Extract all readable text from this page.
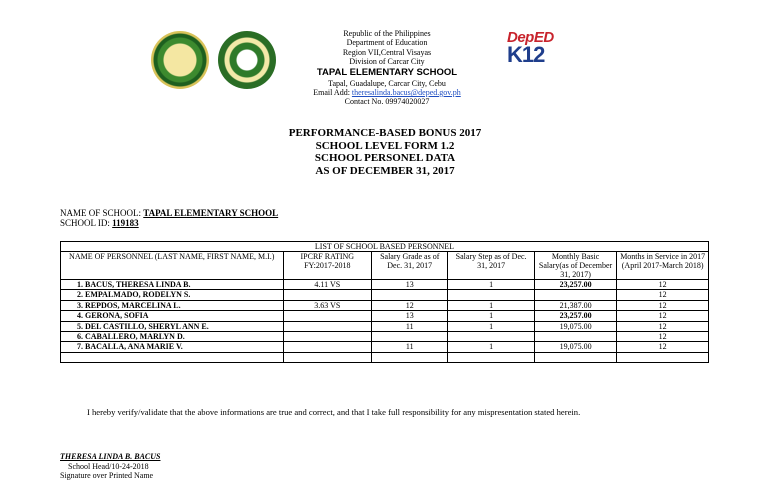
Republic of the Philippines
Department of Education
Region VII,Central Visayas
Division of Carcar City
TAPAL ELEMENTARY SCHOOL
Tapal, Guadalupe, Carcar City, Cebu
Email Add: theresalinda.bacus@deped.gov.ph
Contact No. 09974020027
DepED
K12
PERFORMANCE-BASED BONUS 2017
SCHOOL LEVEL FORM 1.2
SCHOOL PERSONEL DATA
AS OF DECEMBER 31, 2017
NAME OF SCHOOL: TAPAL ELEMENTARY SCHOOL
SCHOOL ID: 119183
LIST OF SCHOOL BASED PERSONNEL					
NAME OF PERSONNEL (LAST NAME, FIRST NAME, M.I.)	IPCRF RATING FY:2017-2018	Salary Grade as of Dec. 31, 2017	Salary Step as of Dec. 31, 2017	Monthly Basic Salary(as of December 31, 2017)	Months in Service in 2017 (April 2017-March 2018)
1. BACUS, THERESA LINDA B.	4.11 VS	13	1	23,257.00	12
2. EMPALMADO, RODELYN S.					12
3. REPDOS, MARCELINA L.	3.63 VS	12	1	21,387.00	12
4. GERONA, SOFIA		13	1	23,257.00	12
5. DEL CASTILLO, SHERYL ANN E.		11	1	19,075.00	12
6. CABALLERO, MARLYN D.					12
7. BACALLA, ANA MARIE V.		11	1	19,075.00	12

I hereby verify/validate that the above informations are true and correct, and that I take full responsibility for any mispresentation stated herein.
THERESA LINDA B. BACUS
School Head/10-24-2018
Signature over Printed Name
